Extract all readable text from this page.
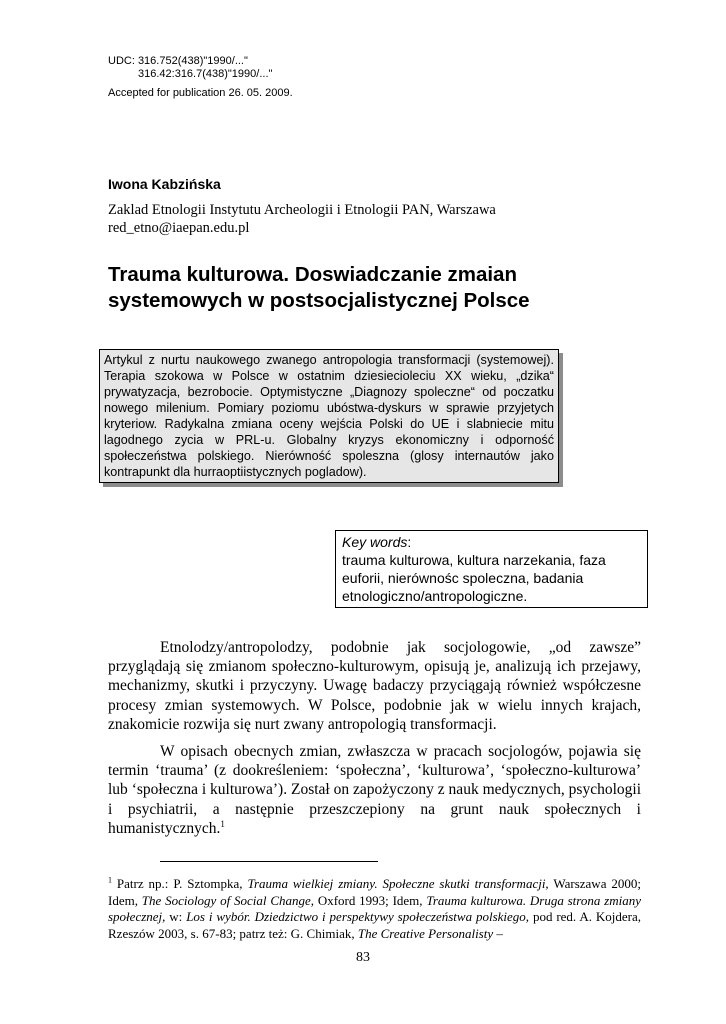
UDC: 316.752(438)"1990/..."
316.42:316.7(438)"1990/..."
Accepted for publication 26. 05. 2009.
Iwona Kabzińska
Zaklad Etnologii Instytutu Archeologii i Etnologii PAN, Warszawa
red_etno@iaepan.edu.pl
Trauma kulturowa. Doswiadczanie zmaian
systemowych w postsocjalistycznej Polsce
Artykul z nurtu naukowego zwanego antropologia transformacji (systemowej). Terapia szokowa w Polsce w ostatnim dziesiecioleciu XX wieku, „dzika“ prywatyzacja, bezrobocie. Optymistyczne „Diagnozy spoleczne“ od poczatku nowego milenium. Pomiary poziomu ubóstwa-dyskurs w sprawie przyjetych kryteriow. Radykalna zmiana oceny wejścia Polski do UE i slabniecie mitu lagodnego zycia w PRL-u. Globalny kryzys ekonomiczny i odporność społeczeństwa polskiego. Nierówność spoleszna (glosy internautów jako kontrapunkt dla hurraoptiistycznych pogladow).
Key words:
trauma kulturowa, kultura narzekania, faza euforii, nierównośc spoleczna, badania etnologiczno/antropologiczne.

Etnolodzy/antropolodzy, podobnie jak socjologowie, „od zawsze” przyglądają się zmianom społeczno-kulturowym, opisują je, analizują ich przejawy, mechanizmy, skutki i przyczyny. Uwagę badaczy przyciągają również współczesne procesy zmian systemowych. W Polsce, podobnie jak w wielu innych krajach, znakomicie rozwija się nurt zwany antropologią transformacji.

W opisach obecnych zmian, zwłaszcza w pracach socjologów, pojawia się termin ‘trauma’ (z dookreśleniem: ‘społeczna’, ‘kulturowa’, ‘społeczno-kulturowa’ lub ‘społeczna i kulturowa’). Został on zapożyczony z nauk medycznych, psychologii i psychiatrii, a następnie przeszczepiony na grunt nauk społecznych i humanistycznych.$^1$

$^1$ Patrz np.: P. Sztompka, Trauma wielkiej zmiany. Społeczne skutki transformacji, Warszawa 2000; Idem, The Sociology of Social Change, Oxford 1993; Idem, Trauma kulturowa. Druga strona zmiany społecznej, w: Los i wybór. Dziedzictwo i perspektywy społeczeństwa polskiego, pod red. A. Kojdera, Rzeszów 2003, s. 67-83; patrz też: G. Chimiak, The Creative Personalisty –
83
